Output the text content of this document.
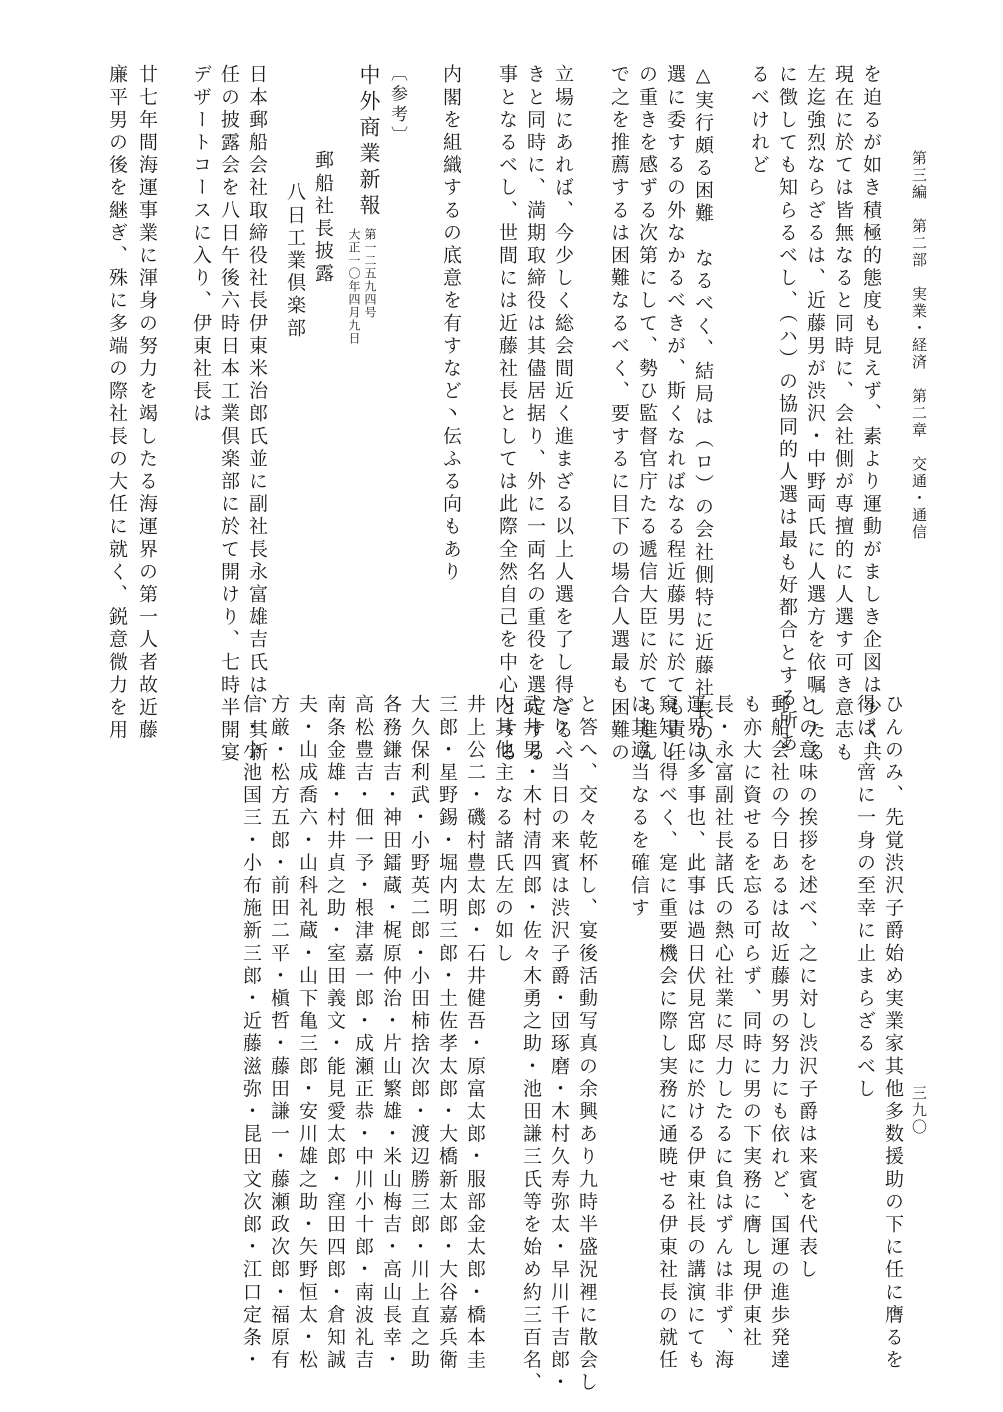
第三編　第二部　実業・経済　第二章　交通・通信
三九〇
を迫るが如き積極的態度も見えず、素より運動がましき企図は少く共
現在に於ては皆無なると同時に、会社側が専擅的に人選す可き意志も
左迄強烈ならざるは、近藤男が渋沢・中野両氏に人選方を依嘱したる
に徴しても知らるべし、（ハ）の協同的人選は最も好都合とする所あ
るべけれど
△実行頗る困難　なるべく、結局は（ロ）の会社側特に近藤社長の人
選に委するの外なかるべきが、斯くなればなる程近藤男に於ても責任
の重きを感ずる次第にして、勢ひ監督官庁たる遞信大臣に於ても進ん
で之を推薦するは困難なるべく、要するに目下の場合人選最も困難の
立場にあれば、今少しく総会間近く進まざる以上人選を了し得ざるべ
きと同時に、満期取締役は其儘居据り、外に一両名の重役を選定する
事となるべし、世間には近藤社長としては此際全然自己を中心とする
内閣を組織するの底意を有すなど丶伝ふる向もあり
〔参考〕
中外商業新報
第一二五九四号
大正一〇年四月九日
郵船社長披露
八日工業倶楽部
日本郵船会社取締役社長伊東米治郎氏並に副社長永富雄吉氏は、其新
任の披露会を八日午後六時日本工業倶楽部に於て開けり、七時半開宴
デザートコースに入り、伊東社長は
廿七年間海運事業に渾身の努力を竭したる海運界の第一人者故近藤
廉平男の後を継ぎ、殊に多端の際社長の大任に就く、鋭意微力を用
ひんのみ、先覚渋沢子爵始め実業家其他多数援助の下に任に膺るを
得ば、啻に一身の至幸に止まらざるべし
との意味の挨拶を述べ、之に対し渋沢子爵は来賓を代表し
郵船会社の今日あるは故近藤男の努力にも依れど、国運の進歩発達
も亦大に資せるを忘る可らず、同時に男の下実務に膺し現伊東社
長・永富副社長諸氏の熱心社業に尽力したるに負はずんは非ず、海
運界は多事也、此事は過日伏見宮邸に於ける伊東社長の講演にても
窺知し得べく、寔に重要機会に際し実務に通暁せる伊東社長の就任
は其適当なるを確信す
と答へ、交々乾杯し、宴後活動写真の余興あり九時半盛況裡に散会し
たり、当日の来賓は渋沢子爵・団琢磨・木村久寿弥太・早川千吉郎・
武井男・木村清四郎・佐々木勇之助・池田謙三氏等を始め約三百名、
内其他主なる諸氏左の如し
井上公二・磯村豊太郎・石井健吾・原富太郎・服部金太郎・橋本圭
三郎・星野錫・堀内明三郎・土佐孝太郎・大橋新太郎・大谷嘉兵衛
大久保利武・小野英二郎・小田柿捨次郎・渡辺勝三郎・川上直之助
各務鎌吉・神田鐳蔵・梶原仲治・片山繁雄・米山梅吉・高山長幸・
高松豊吉・佃一予・根津嘉一郎・成瀬正恭・中川小十郎・南波礼吉
南条金雄・村井貞之助・室田義文・能見愛太郎・窪田四郎・倉知誠
夫・山成喬六・山科礼蔵・山下亀三郎・安川雄之助・矢野恒太・松
方厳・松方五郎・前田二平・槇哲・藤田謙一・藤瀬政次郎・福原有
信・小池国三・小布施新三郎・近藤滋弥・昆田文次郎・江口定条・
